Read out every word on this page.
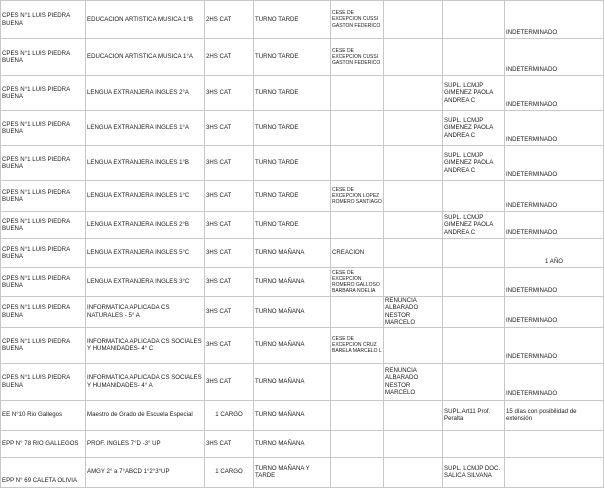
CPES N°1 LUIS PIEDRA BUENA	EDUCACION ARTISTICA MUSICA 1°B	2HS CAT	TURNO TARDE	CESE DE EXCEPCION CUSSI GASTON FEDERICO			INDETERMINADO
CPES N°1 LUIS PIEDRA BUENA	EDUCACION ARTISTICA MUSICA 1°A	2HS CAT	TURNO TARDE	CESE DE EXCEPCION CUSSI GASTON FEDERICO			INDETERMINADO
CPES N°1 LUIS PIEDRA BUENA	LENGUA EXTRANJERA INGLES 2°A	3HS CAT	TURNO TARDE			SUPL. LCMJP GIMENEZ PAOLA ANDREA C	INDETERMINADO
CPES N°1 LUIS PIEDRA BUENA	LENGUA EXTRANJERA INGLES 1°A	3HS CAT	TURNO TARDE			SUPL. LCMJP GIMENEZ PAOLA ANDREA C	INDETERMINADO
CPES N°1 LUIS PIEDRA BUENA	LENGUA EXTRANJERA INGLES 1°B	3HS CAT	TURNO TARDE			SUPL. LCMJP GIMENEZ PAOLA ANDREA C	INDETERMINADO
CPES N°1 LUIS PIEDRA BUENA	LENGUA EXTRANJERA INGLES 1°C	3HS CAT	TURNO TARDE	CESE DE EXCEPCION LOPEZ ROMERO SANTIAGO			INDETERMINADO
CPES N°1 LUIS PIEDRA BUENA	LENGUA EXTRANJERA INGLES 2°B	3HS CAT	TURNO TARDE			SUPL. LCMJP GIMENEZ PAOLA ANDREA C	INDETERMINADO
CPES N°1 LUIS PIEDRA BUENA	LENGUA EXTRANJERA INGLES 5°C	3HS CAT	TURNO MAÑANA	CREACION			1 AÑO
CPES N°1 LUIS PIEDRA BUENA	LENGUA EXTRANJERA INGLES 3°C	3HS CAT	TURNO MAÑANA	CESE DE EXCEPCION ROMERO GALLOSO BARBARA NOELIA			INDETERMINADO
CPES N°1 LUIS PIEDRA BUENA	INFORMATICA APLICADA CS NATURALES - 5° A	3HS CAT	TURNO MAÑANA		RENUNCIA ALBARADO NESTOR MARCELO		INDETERMINADO
CPES N°1 LUIS PIEDRA BUENA	INFORMATICA APLICADA CS SOCIALES Y HUMANIDADES- 4° C	3HS CAT	TURNO MAÑANA	CESE DE EXCEPCION CRUZ BARELA MARCELO L			INDETERMINADO
CPES N°1 LUIS PIEDRA BUENA	INFORMATICA APLICADA CS SOCIALES Y HUMANIDADES- 4° A	3HS CAT	TURNO MAÑANA		RENUNCIA ALBARADO NESTOR MARCELO		INDETERMINADO
EE N°10 Rio Gallegos	Maestro de Grado de Escuela Especial	1 CARGO	TURNO MAÑANA			SUPL.Art11 Prof. Peralta	15 días con posibilidad de extensión
EPP N° 78 RIO GALLEGOS	PROF. INGLES 7°D -3° UP	3HS CAT	TURNO MAÑANA				
EPP N° 69 CALETA OLIVIA	AMGY 2° a 7°ABCD 1°2°3°UP	1 CARGO	TURNO MAÑANA Y TARDE			SUPL. LCMJP DOC. SALICA SILVANA	
